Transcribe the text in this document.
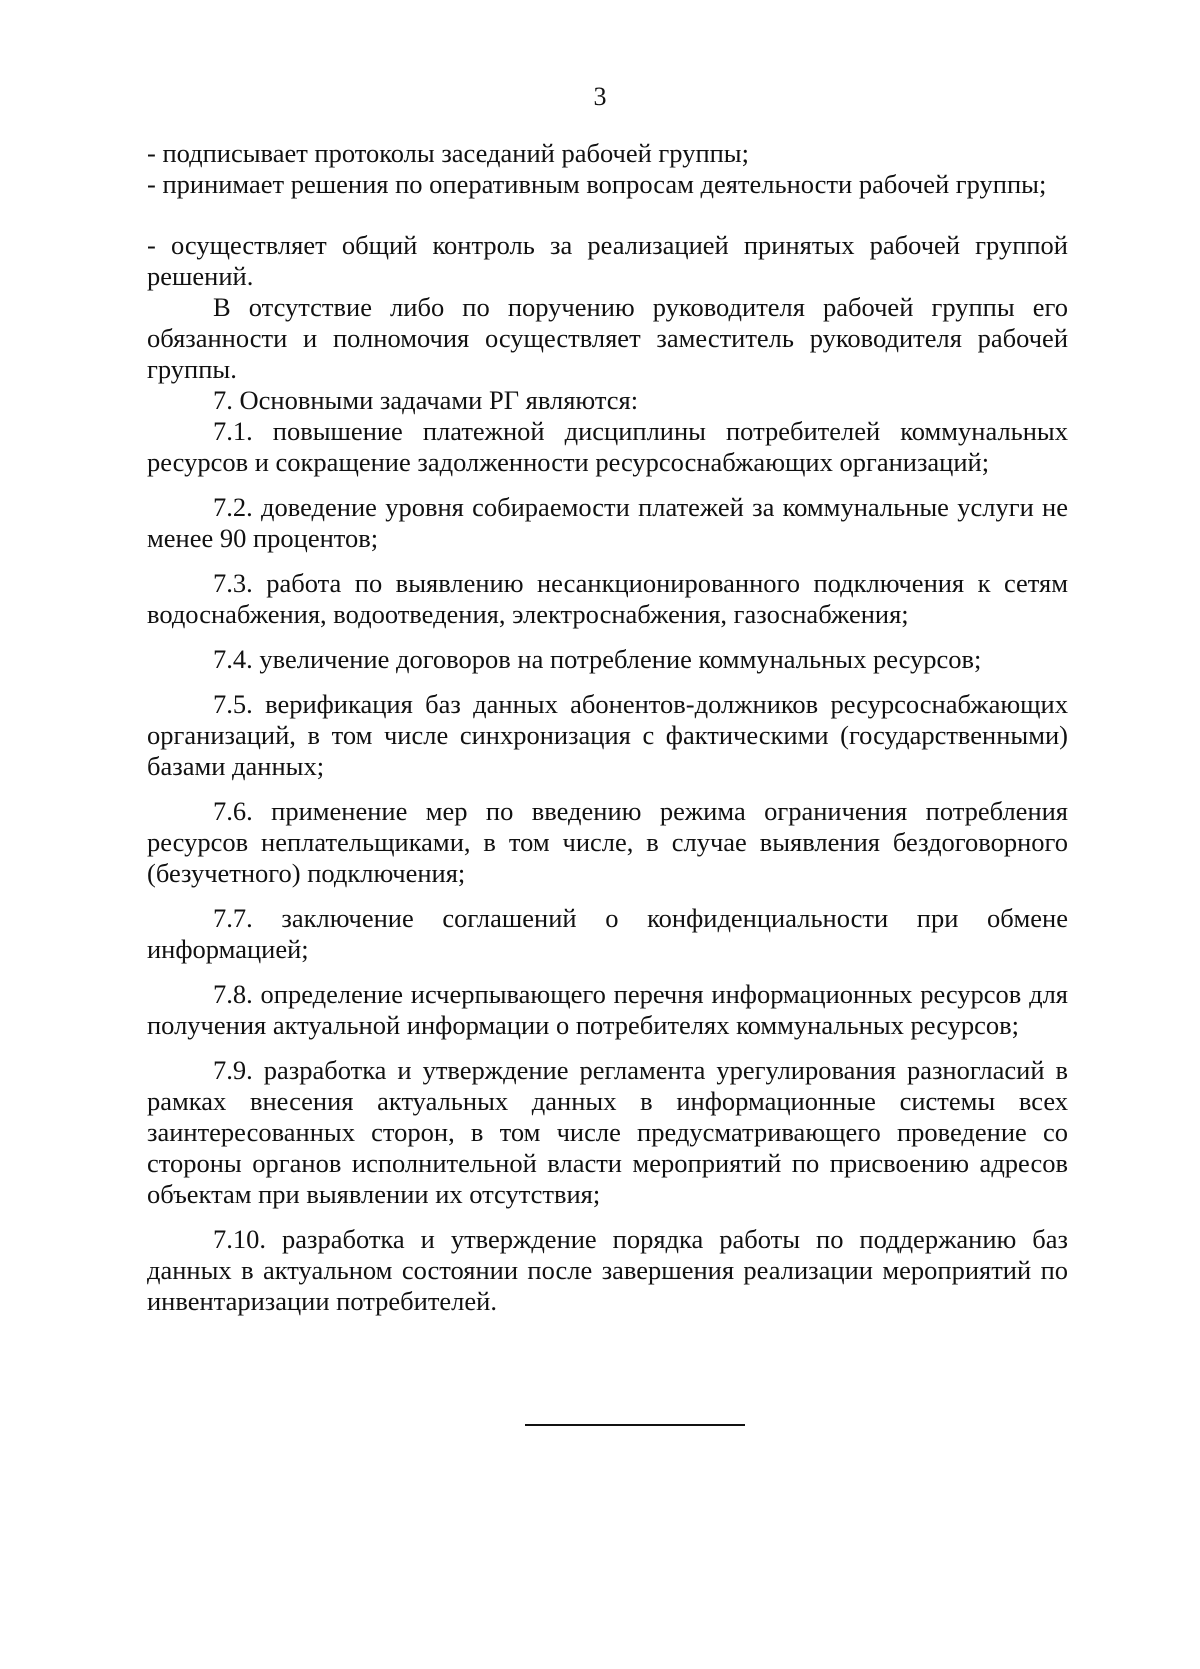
3

- подписывает протоколы заседаний рабочей группы;

- принимает решения по оперативным вопросам деятельности рабочей группы;

- осуществляет общий контроль за реализацией принятых рабочей группой решений.

В отсутствие либо по поручению руководителя рабочей группы его обязанности и полномочия осуществляет заместитель руководителя рабочей группы.

7. Основными задачами РГ являются:

7.1. повышение платежной дисциплины потребителей коммунальных ресурсов и сокращение задолженности ресурсоснабжающих организаций;

7.2. доведение уровня собираемости платежей за коммунальные услуги не менее 90 процентов;

7.3. работа по выявлению несанкционированного подключения к сетям водоснабжения, водоотведения, электроснабжения, газоснабжения;

7.4. увеличение договоров на потребление коммунальных ресурсов;

7.5. верификация баз данных абонентов-должников ресурсоснабжающих организаций, в том числе синхронизация с фактическими (государственными) базами данных;

7.6. применение мер по введению режима ограничения потребления ресурсов неплательщиками, в том числе, в случае выявления бездоговорного (безучетного) подключения;

7.7. заключение соглашений о конфиденциальности при обмене информацией;

7.8. определение исчерпывающего перечня информационных ресурсов для получения актуальной информации о потребителях коммунальных ресурсов;

7.9. разработка и утверждение регламента урегулирования разногласий в рамках внесения актуальных данных в информационные системы всех заинтересованных сторон, в том числе предусматривающего проведение со стороны органов исполнительной власти мероприятий по присвоению адресов объектам при выявлении их отсутствия;

7.10. разработка и утверждение порядка работы по поддержанию баз данных в актуальном состоянии после завершения реализации мероприятий по инвентаризации потребителей.
